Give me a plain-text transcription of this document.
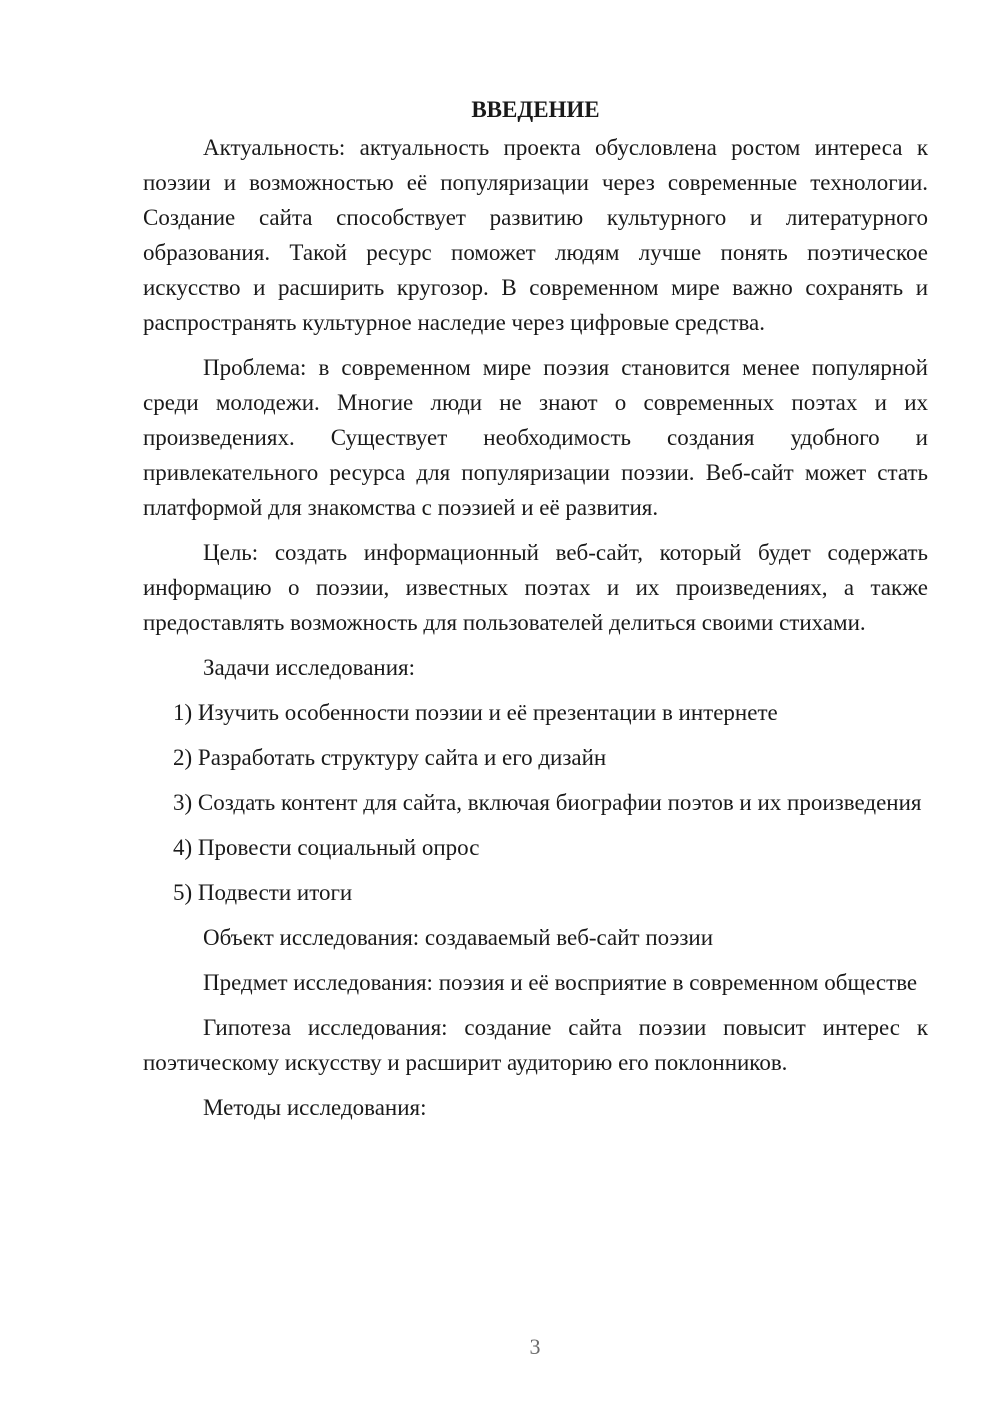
ВВЕДЕНИЕ

Актуальность: актуальность проекта обусловлена ростом интереса к поэзии и возможностью её популяризации через современные технологии. Создание сайта способствует развитию культурного и литературного образования. Такой ресурс поможет людям лучше понять поэтическое искусство и расширить кругозор. В современном мире важно сохранять и распространять культурное наследие через цифровые средства.

Проблема: в современном мире поэзия становится менее популярной среди молодежи. Многие люди не знают о современных поэтах и их произведениях. Существует необходимость создания удобного и привлекательного ресурса для популяризации поэзии. Веб-сайт может стать платформой для знакомства с поэзией и её развития.

Цель: создать информационный веб-сайт, который будет содержать информацию о поэзии, известных поэтах и их произведениях, а также предоставлять возможность для пользователей делиться своими стихами.

Задачи исследования:

1) Изучить особенности поэзии и её презентации в интернете

2) Разработать структуру сайта и его дизайн

3) Создать контент для сайта, включая биографии поэтов и их произведения

4) Провести социальный опрос

5) Подвести итоги

Объект исследования: создаваемый веб-сайт поэзии

Предмет исследования: поэзия и её восприятие в современном обществе

Гипотеза исследования: создание сайта поэзии повысит интерес к поэтическому искусству и расширит аудиторию его поклонников.

Методы исследования:

3
